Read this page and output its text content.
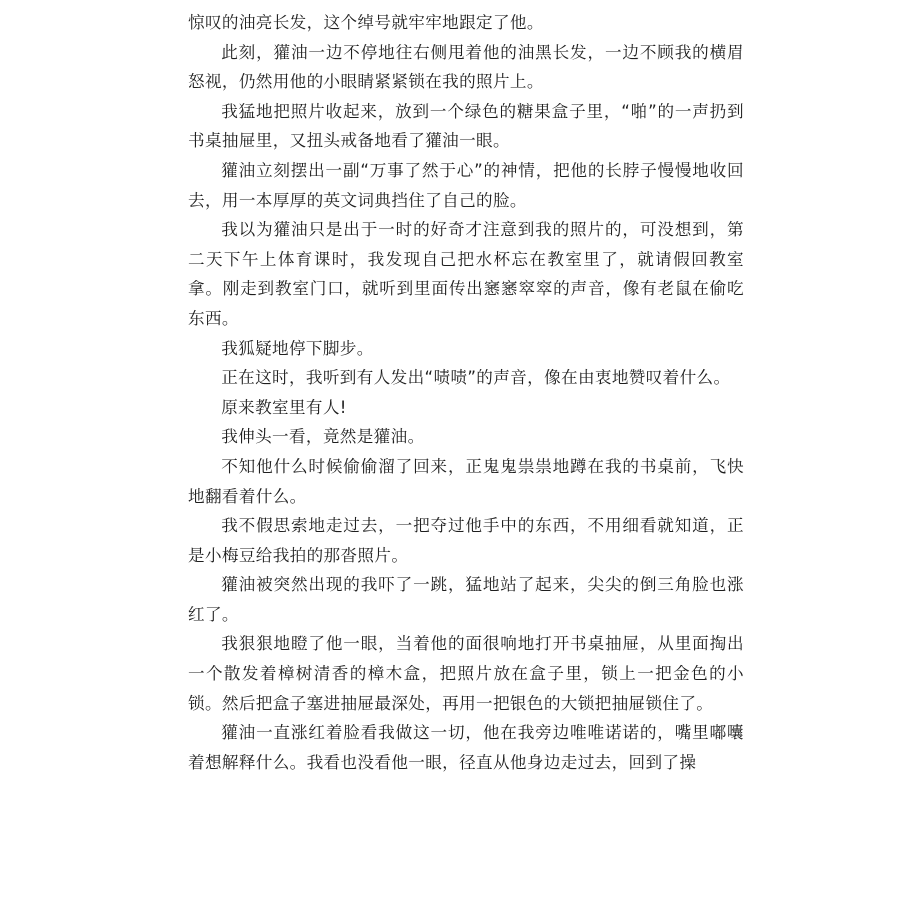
惊叹的油亮长发，这个绰号就牢牢地跟定了他。

此刻，獾油一边不停地往右侧甩着他的油黑长发，一边不顾我的横眉怒视，仍然用他的小眼睛紧紧锁在我的照片上。

我猛地把照片收起来，放到一个绿色的糖果盒子里，“啪”的一声扔到书桌抽屉里，又扭头戒备地看了獾油一眼。

獾油立刻摆出一副“万事了然于心”的神情，把他的长脖子慢慢地收回去，用一本厚厚的英文词典挡住了自己的脸。

我以为獾油只是出于一时的好奇才注意到我的照片的，可没想到，第二天下午上体育课时，我发现自己把水杯忘在教室里了，就请假回教室拿。刚走到教室门口，就听到里面传出窸窸窣窣的声音，像有老鼠在偷吃东西。

我狐疑地停下脚步。

正在这时，我听到有人发出“啧啧”的声音，像在由衷地赞叹着什么。

原来教室里有人!

我伸头一看，竟然是獾油。

不知他什么时候偷偷溜了回来，正鬼鬼祟祟地蹲在我的书桌前，飞快地翻看着什么。

我不假思索地走过去，一把夺过他手中的东西，不用细看就知道，正是小梅豆给我拍的那沓照片。

獾油被突然出现的我吓了一跳，猛地站了起来，尖尖的倒三角脸也涨红了。

我狠狠地瞪了他一眼，当着他的面很响地打开书桌抽屉，从里面掏出一个散发着樟树清香的樟木盒，把照片放在盒子里，锁上一把金色的小锁。然后把盒子塞进抽屉最深处，再用一把银色的大锁把抽屉锁住了。

獾油一直涨红着脸看我做这一切，他在我旁边唯唯诺诺的，嘴里嘟囔着想解释什么。我看也没看他一眼，径直从他身边走过去，回到了操
